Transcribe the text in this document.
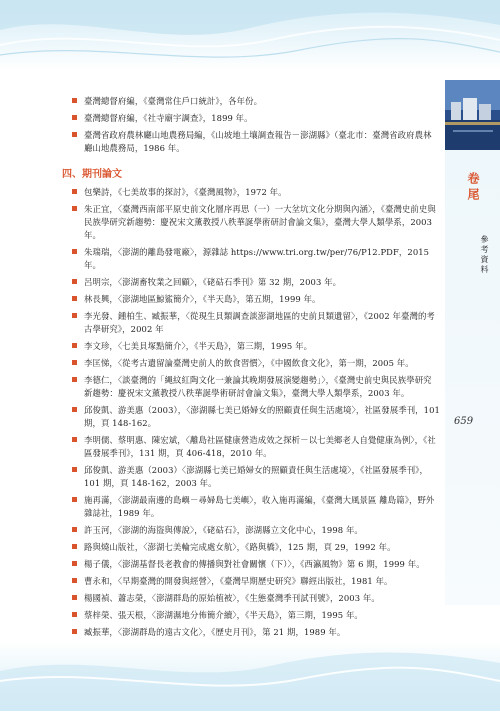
卷尾
參考資料
659
臺灣總督府編，《臺灣常住戶口統計》，各年份。
臺灣總督府編，《社寺廟宇調查》，1899 年。
臺灣省政府農林廳山地農務局編，《山坡地土壤調查報告－澎湖縣》（臺北市：臺灣省政府農林廳山地農務局，1986 年。
四、期刊論文
包樂詩，《七美故事的探討》，《臺灣風物》，1972 年。
朱正宜，〈臺灣西南部平原史前文化層序再思（一）一大坌坑文化分期與內涵〉，《臺灣史前史與民族學研究新趨勢：慶祝宋文薰教授八秩華誕學術研討會論文集》，臺灣大學人類學系，2003 年。
朱瑞瑞，〈澎湖的離島發電廠〉，源雜誌 https://www.tri.org.tw/per/76/P12.PDF，2015 年。
呂明宗，〈澎湖畜牧業之回顧〉，《硓𥑮石季刊》第 32 期，2003 年。
林長興，〈澎湖地區鯨鯊簡介〉，《半天島》，第五期，1999 年。
李光發、鍾柏生、臧振華，〈從現生貝類調查談澎湖地區的史前貝類遺留〉，《2002 年臺灣的考古學研究》，2002 年
李文珍，〈七美貝塚點簡介〉，《半天島》，第三期，1995 年。
李匡悌，〈從考古遺留論臺灣史前人的飲食習慣〉，《中國飲食文化》，第一期，2005 年。
李德仁，〈談臺灣的「縄紋紅陶文化一兼論其晚期發展演變趨勢」〉，《臺灣史前史與民族學研究新趨勢：慶祝宋文薰教授八秩華誕學術研討會論文集》，臺灣大學人類學系，2003 年。
邱俊凱、游美惠（2003），〈澎湖縣七美已婚婦女的照顧責任與生活處境〉，社區發展季刊，101 期，頁 148-162。
李明儒、蔡明惠、陳宏斌，〈離島社區健康營造成效之探析－以七美鄉老人自覺健康為例〉，《社區發展季刊》，131 期，頁 406-418，2010 年。
邱俊凱、游美惠（2003）〈澎湖縣七美已婚婦女的照顧責任與生活處境〉，《社區發展季刊》，101 期，頁 148-162，2003 年。
施再滿，〈澎湖最南邊的島嶼－尋婦島七美嶼〉，收入施再滿編，《臺灣大風景區 離島篇》，野外雜誌社，1989 年。
許玉河，〈澎湖的海盜與傳說〉，《硓𥑮石》，澎湖縣立文化中心，1998 年。
路與燒山版社，〈澎湖七美輪完成處女航〉，《路與橋》，125 期，頁 29，1992 年。
楊子儀，〈澎湖基督長老教會的傳播與對社會關懷（下）〉，《西瀛風物》第 6 期，1999 年。
曹永和，〈早期臺灣的開發與經營〉，《臺灣早期歷史研究》聯經出版社，1981 年。
楊國禎、蕭志榮，〈澎湖群島的原始植被〉，《生態臺灣季刊試刊號》，2003 年。
蔡梓榮、張天根，〈澎湖濕地分佈簡介續〉，《半天島》，第三期，1995 年。
臧振華，〈澎湖群島的遠古文化〉，《歷史月刊》，第 21 期，1989 年。
